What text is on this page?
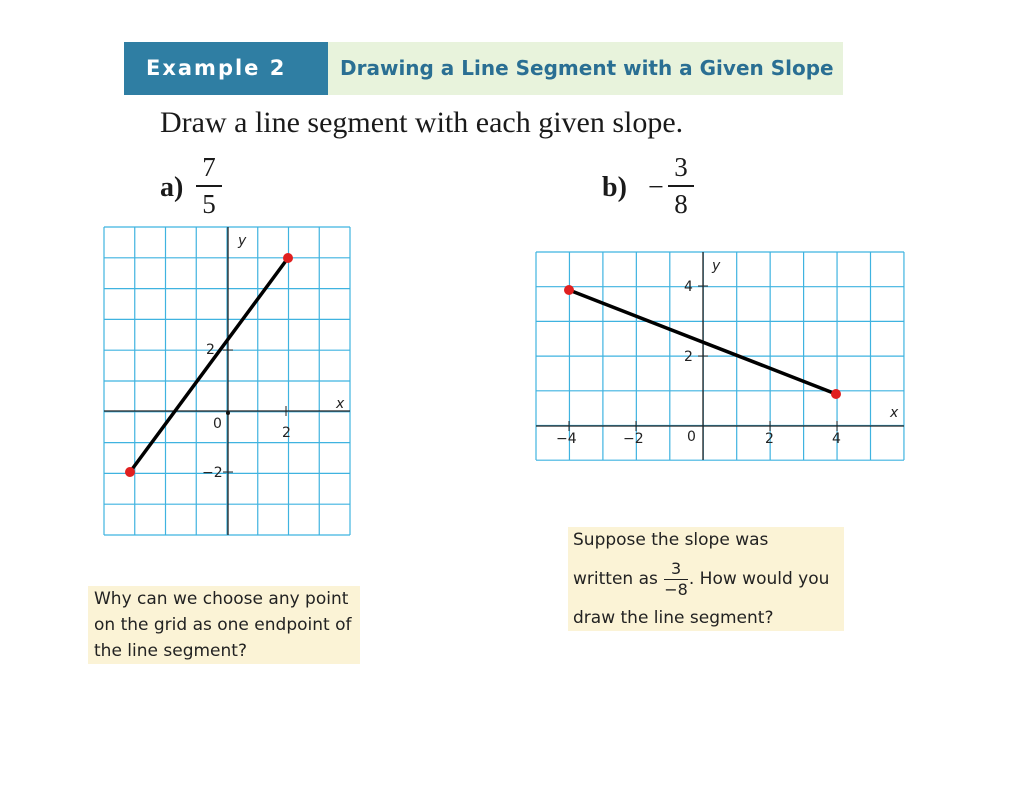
Example 2	Drawing a Line Segment with a Given Slope
Draw a line segment with each given slope.
$a) \frac{7}{5}$	$b) - \frac{3}{8}$
y
x
0
2
2
−2
y
x
−4	−2	0	2	4
4
2
Why can we choose any point
on the grid as one endpoint of
the line segment?
Suppose the slope was
written as $\frac{3}{-8}$ . How would you
draw the line segment?
